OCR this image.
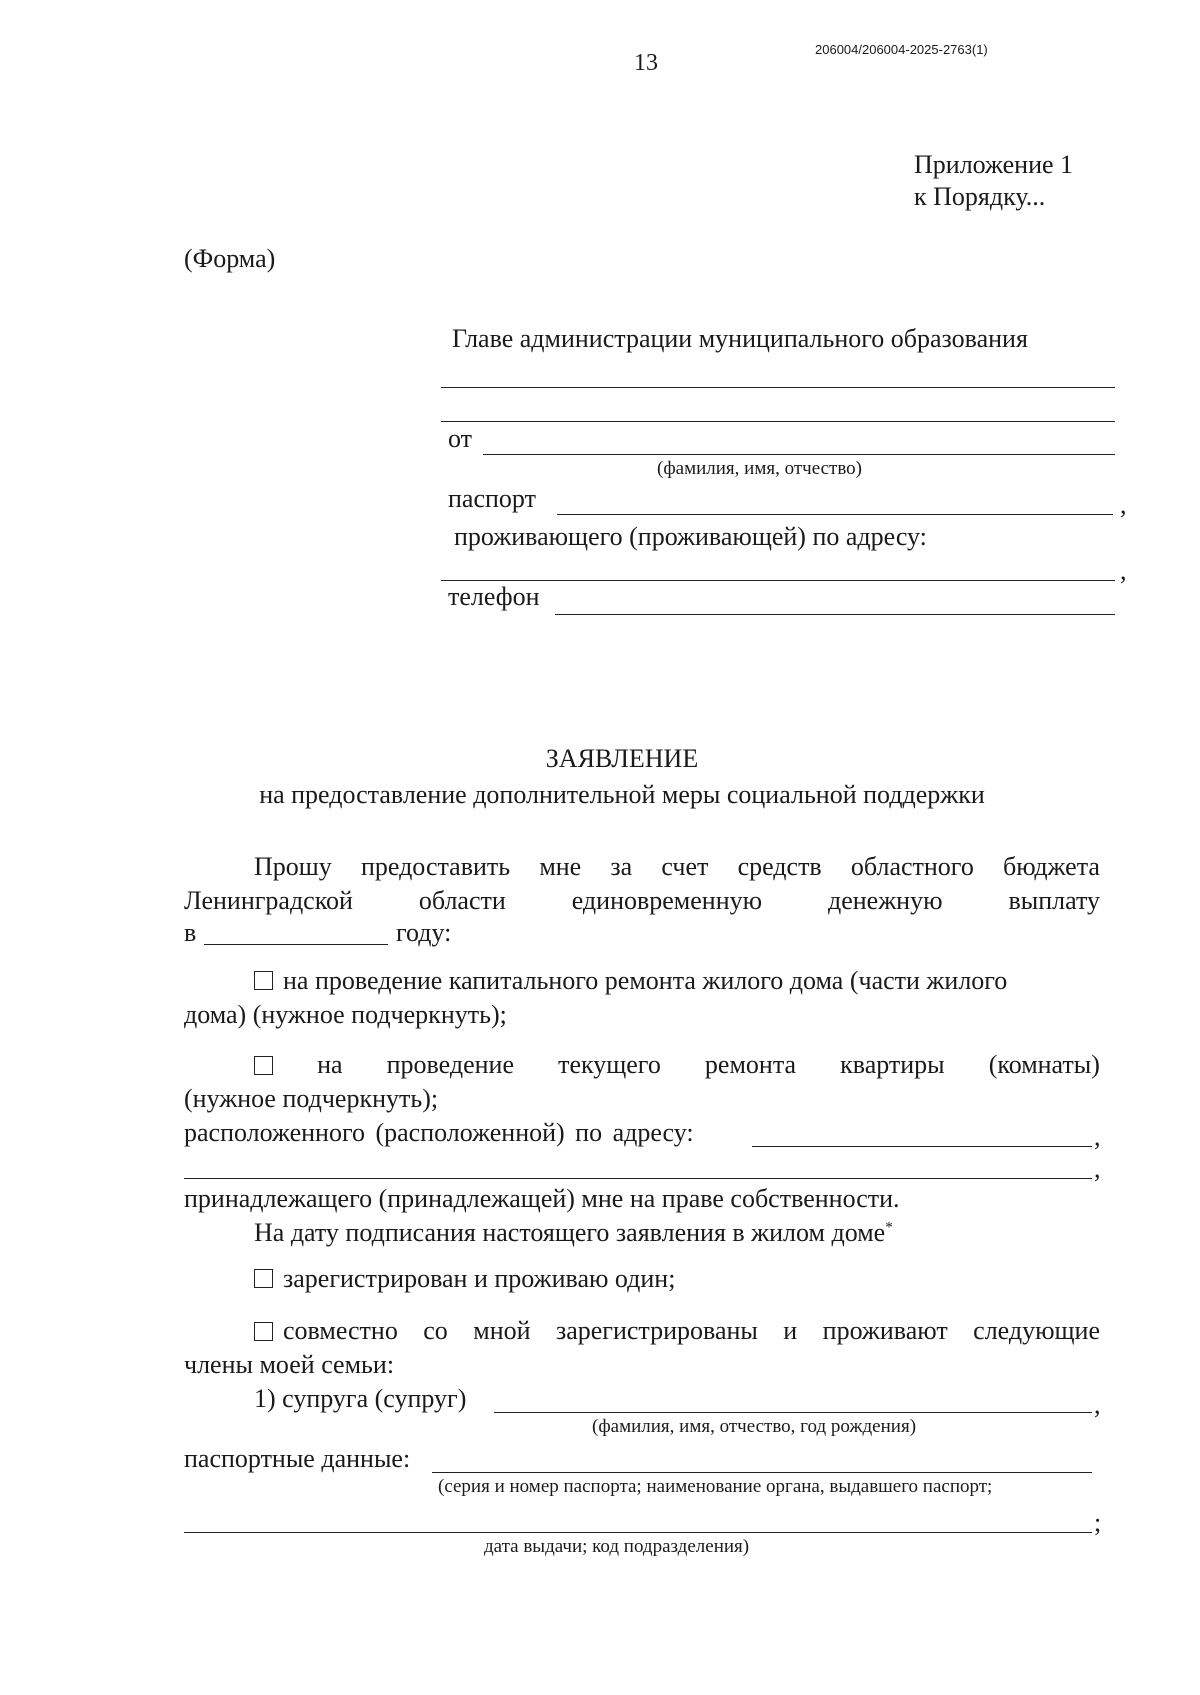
13
206004/206004-2025-2763(1)
Приложение 1
к Порядку...
(Форма)
Главе администрации муниципального образования
от
(фамилия, имя, отчество)
паспорт	,
проживающего (проживающей) по адресу:
,
телефон
ЗАЯВЛЕНИЕ
на предоставление дополнительной меры социальной поддержки
Прошу предоставить мне за счет средств областного бюджета
Ленинградской	области	единовременную	денежную	выплату
в	году:
на проведение капитального ремонта жилого дома (части жилого
дома) (нужное подчеркнуть);
на проведение текущего ремонта квартиры (комнаты)
(нужное подчеркнуть);
расположенного (расположенной) по адресу:	,
,
принадлежащего (принадлежащей) мне на праве собственности.
На дату подписания настоящего заявления в жилом доме*
зарегистрирован и проживаю один;
совместно со мной зарегистрированы и проживают следующие
члены моей семьи:
1) супруга (супруг)	,
(фамилия, имя, отчество, год рождения)
паспортные данные:
(серия и номер паспорта; наименование органа, выдавшего паспорт;
;
дата выдачи; код подразделения)
